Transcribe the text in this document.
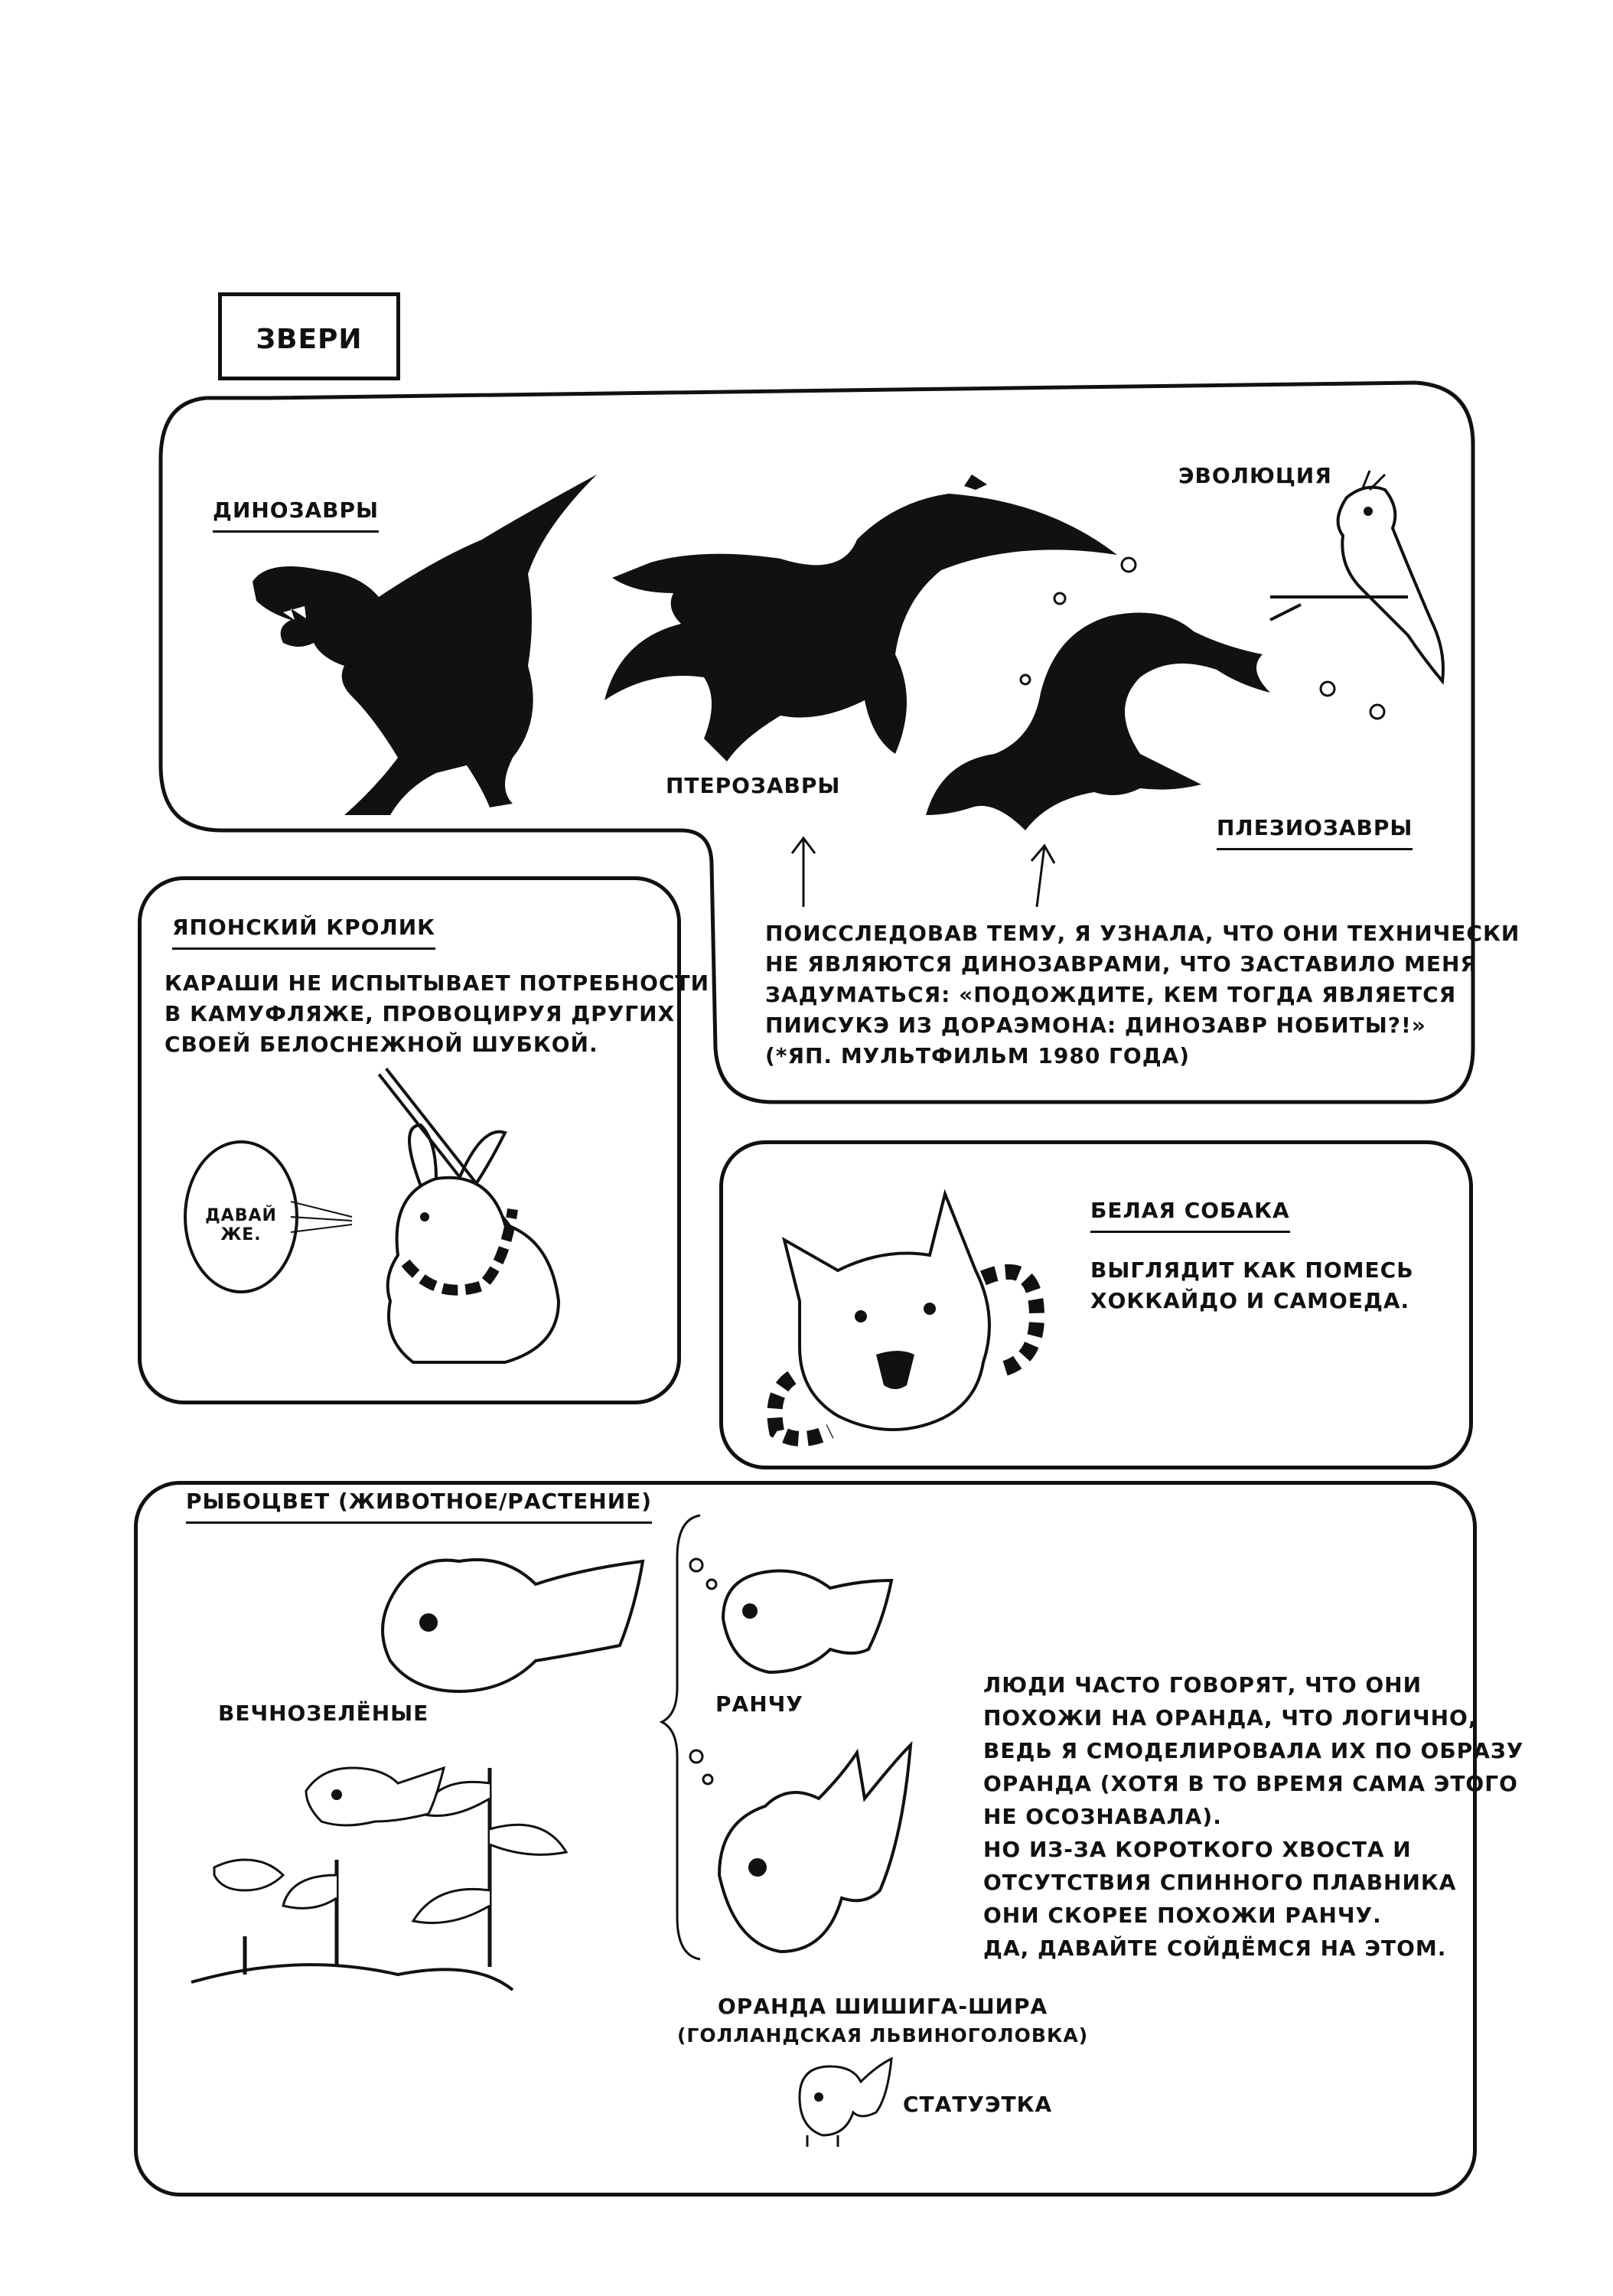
ЗВЕРИ
ДИНОЗАВРЫ
ЭВОЛЮЦИЯ
ПТЕРОЗАВРЫ
ПЛЕЗИОЗАВРЫ
ПОИССЛЕДОВАВ ТЕМУ, Я УЗНАЛА, ЧТО ОНИ ТЕХНИЧЕСКИ
НЕ ЯВЛЯЮТСЯ ДИНОЗАВРАМИ, ЧТО ЗАСТАВИЛО МЕНЯ
ЗАДУМАТЬСЯ: «ПОДОЖДИТЕ, КЕМ ТОГДА ЯВЛЯЕТСЯ
ПИИСУКЭ ИЗ ДОРАЭМОНА: ДИНОЗАВР НОБИТЫ?!»
(*ЯП. МУЛЬТФИЛЬМ 1980 ГОДА)
ЯПОНСКИЙ КРОЛИК
КАРАШИ НЕ ИСПЫТЫВАЕТ ПОТРЕБНОСТИ
В КАМУФЛЯЖЕ, ПРОВОЦИРУЯ ДРУГИХ
СВОЕЙ БЕЛОСНЕЖНОЙ ШУБКОЙ.
ДАВАЙ ЖЕ.
БЕЛАЯ СОБАКА
ВЫГЛЯДИТ КАК ПОМЕСЬ
ХОККАЙДО И САМОЕДА.
РЫБОЦВЕТ (ЖИВОТНОЕ/РАСТЕНИЕ)
ВЕЧНОЗЕЛЁНЫЕ	РАНЧУ
ОРАНДА ШИШИГА-ШИРА
(ГОЛЛАНДСКАЯ ЛЬВИНОГОЛОВКА)
СТАТУЭТКА
ЛЮДИ ЧАСТО ГОВОРЯТ, ЧТО ОНИ
ПОХОЖИ НА ОРАНДА, ЧТО ЛОГИЧНО,
ВЕДЬ Я СМОДЕЛИРОВАЛА ИХ ПО ОБРАЗУ
ОРАНДА (ХОТЯ В ТО ВРЕМЯ САМА ЭТОГО
НЕ ОСОЗНАВАЛА).
НО ИЗ-ЗА КОРОТКОГО ХВОСТА И
ОТСУТСТВИЯ СПИННОГО ПЛАВНИКА
ОНИ СКОРЕЕ ПОХОЖИ РАНЧУ.
ДА, ДАВАЙТЕ СОЙДЁМСЯ НА ЭТОМ.
